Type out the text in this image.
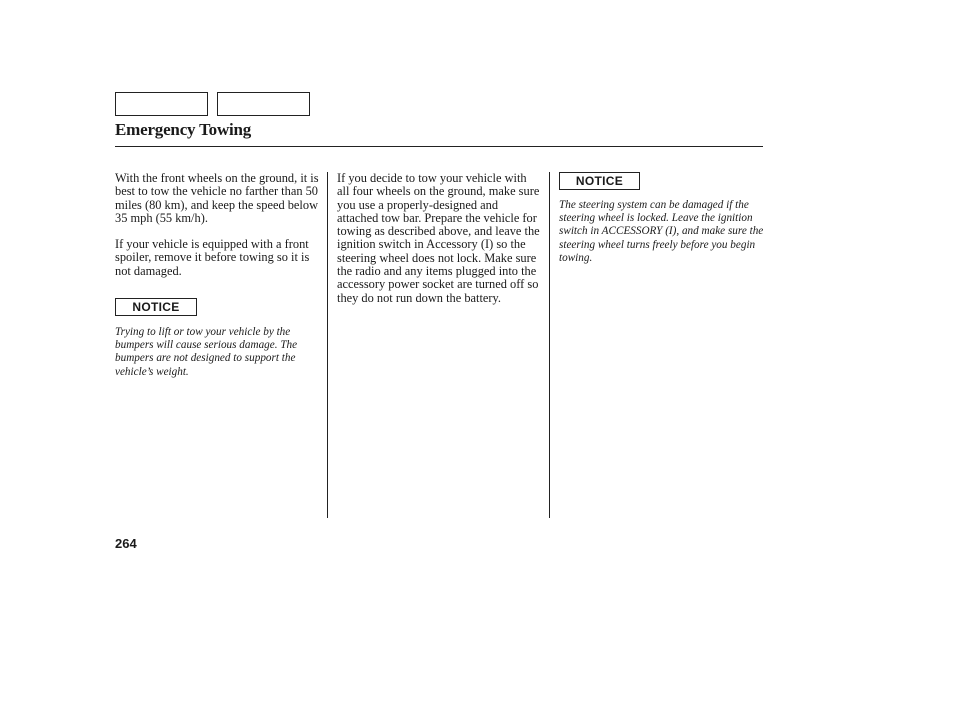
Emergency Towing

With the front wheels on the ground, it is best to tow the vehicle no farther than 50 miles (80 km), and keep the speed below 35 mph (55 km/h).

If your vehicle is equipped with a front spoiler, remove it before towing so it is not damaged.

NOTICE

Trying to lift or tow your vehicle by the bumpers will cause serious damage. The bumpers are not designed to support the vehicle’s weight.

If you decide to tow your vehicle with all four wheels on the ground, make sure you use a properly-designed and attached tow bar. Prepare the vehicle for towing as described above, and leave the ignition switch in Accessory (I) so the steering wheel does not lock. Make sure the radio and any items plugged into the accessory power socket are turned off so they do not run down the battery.

NOTICE

The steering system can be damaged if the steering wheel is locked. Leave the ignition switch in ACCESSORY (I), and make sure the steering wheel turns freely before you begin towing.

264
